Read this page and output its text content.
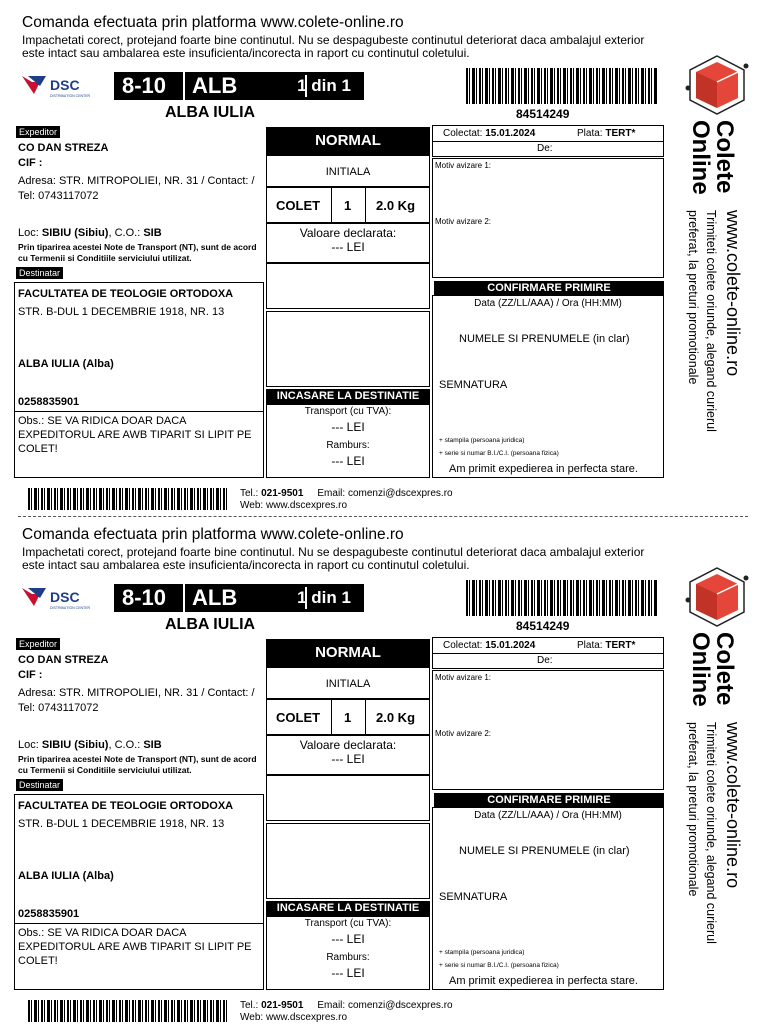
Comanda efectuata prin platforma www.colete-online.ro
Impachetati corect, protejand foarte bine continutul. Nu se despagubeste continutul deteriorat daca ambalajul exterior este intact sau ambalarea este insuficienta/incorecta in raport cu continutul coletului.
DSC
DISTRIBUTION CENTER 8-10 ALB	1 din 1
ALBA IULIA	84514249
Expeditor
CO DAN STREZA
CIF :
Adresa: STR. MITROPOLIEI, NR. 31 / Contact: / Tel: 0743117072
Loc: SIBIU (Sibiu), C.O.: SIB
Prin tiparirea acestei Note de Transport (NT), sunt de acord cu Termenii si Conditiile serviciului utilizat.
Destinatar
FACULTATEA DE TEOLOGIE ORTODOXA
STR. B-DUL 1 DECEMBRIE 1918, NR. 13
ALBA IULIA (Alba)
0258835901
Obs.: SE VA RIDICA DOAR DACA EXPEDITORUL ARE AWB TIPARIT SI LIPIT PE COLET!
NORMAL
INITIALA
COLET 1 2.0 Kg
Valoare declarata:
--- LEI
INCASARE LA DESTINATIE
Transport (cu TVA):
--- LEI
Ramburs:
--- LEI
Colectat: 15.01.2024	Plata: TERT*
De:
Motiv avizare 1:
Motiv avizare 2:
CONFIRMARE PRIMIRE
Data (ZZ/LL/AAA) / Ora (HH:MM)
NUMELE SI PRENUMELE (in clar)
SEMNATURA
+ stampila (persoana juridica)
+ serie si numar B.I./C.I. (persoana fizica)
Am primit expedierea in perfecta stare.
Colete
Online
www.colete-online.ro
Trimiteti colete oriunde, alegand curierul
preferat, la preturi promotionale
Tel.: 021-9501 Email: comenzi@dscexpres.ro
Web: www.dscexpres.ro
Comanda efectuata prin platforma www.colete-online.ro
Impachetati corect, protejand foarte bine continutul. Nu se despagubeste continutul deteriorat daca ambalajul exterior este intact sau ambalarea este insuficienta/incorecta in raport cu continutul coletului.
DSC
DISTRIBUTION CENTER 8-10 ALB	1 din 1
ALBA IULIA	84514249
Expeditor
CO DAN STREZA
CIF :
Adresa: STR. MITROPOLIEI, NR. 31 / Contact: / Tel: 0743117072
Loc: SIBIU (Sibiu), C.O.: SIB
Prin tiparirea acestei Note de Transport (NT), sunt de acord cu Termenii si Conditiile serviciului utilizat.
Destinatar
FACULTATEA DE TEOLOGIE ORTODOXA
STR. B-DUL 1 DECEMBRIE 1918, NR. 13
ALBA IULIA (Alba)
0258835901
Obs.: SE VA RIDICA DOAR DACA EXPEDITORUL ARE AWB TIPARIT SI LIPIT PE COLET!
NORMAL
INITIALA
COLET 1 2.0 Kg
Valoare declarata:
--- LEI
INCASARE LA DESTINATIE
Transport (cu TVA):
--- LEI
Ramburs:
--- LEI
Colectat: 15.01.2024	Plata: TERT*
De:
Motiv avizare 1:
Motiv avizare 2:
CONFIRMARE PRIMIRE
Data (ZZ/LL/AAA) / Ora (HH:MM)
NUMELE SI PRENUMELE (in clar)
SEMNATURA
+ stampila (persoana juridica)
+ serie si numar B.I./C.I. (persoana fizica)
Am primit expedierea in perfecta stare.
Colete
Online
www.colete-online.ro
Trimiteti colete oriunde, alegand curierul
preferat, la preturi promotionale
Tel.: 021-9501 Email: comenzi@dscexpres.ro
Web: www.dscexpres.ro
